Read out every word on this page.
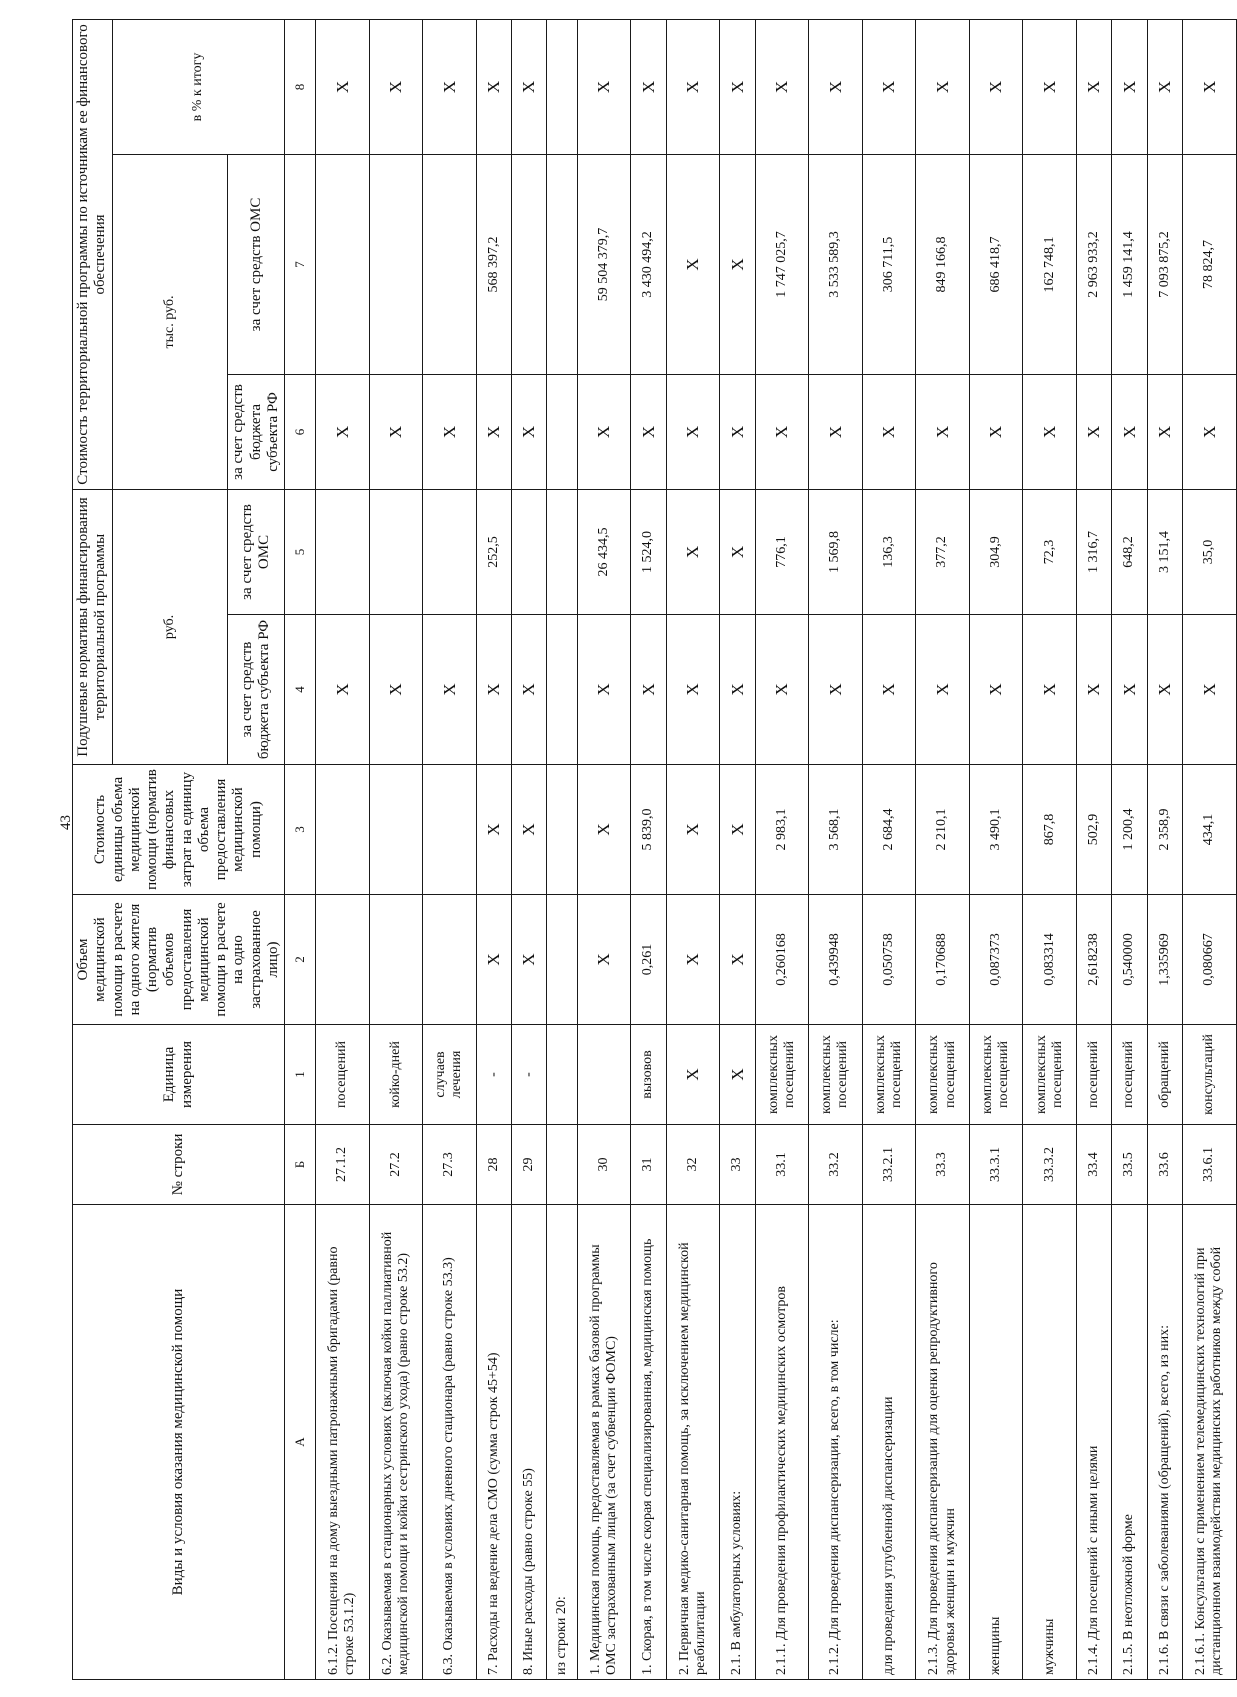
43
Виды и условия оказания медицинской помощи	№ строки	Единица измерения	Объем медицинской помощи в расчете на одного жителя (норматив объемов предоставления медицинской помощи в расчете на одно застрахованное лицо)	Стоимость единицы объема медицинской помощи (норматив финансовых затрат на единицу объема предоставления медицинской помощи)	Подушевые нормативы финансирования территориальной программы		Стоимость территориальной программы по источникам ее финансового обеспечения		
					руб.		тыс. руб.		в % к итогу
					за счет средств бюджета субъекта РФ	за счет средств ОМС	за счет средств бюджета субъекта РФ	за счет средств ОМС	
А	Б	1	2	3	4	5	6	7	8
6.1.2. Посещения на дому выездными патронажными бригадами (равно строке 53.1.2)	27.1.2	посещений			X		X		X
6.2. Оказываемая в стационарных условиях (включая койки паллиативной медицинской помощи и койки сестринского ухода) (равно строке 53.2)	27.2	койко-дней			X		X		X
6.3. Оказываемая в условиях дневного стационара (равно строке 53.3)	27.3	случаев лечения			X		X		X
7. Расходы на ведение дела СМО (сумма строк 45+54)	28	-	X	X	X	252,5	X	568 397,2	X
8. Иные расходы (равно строке 55)	29	-	X	X	X		X		X
из строки 20:									
1. Медицинская помощь, предоставляемая в рамках базовой программы ОМС застрахованным лицам (за счет субвенции ФОМС)	30		X	X	X	26 434,5	X	59 504 379,7	X
1. Скорая, в том числе скорая специализированная, медицинская помощь	31	вызовов	0,261	5 839,0	X	1 524,0	X	3 430 494,2	X
2. Первичная медико-санитарная помощь, за исключением медицинской реабилитации	32	X	X	X	X	X	X	X	X
2.1. В амбулаторных условиях:	33	X	X	X	X	X	X	X	X
2.1.1. Для проведения профилактических медицинских осмотров	33.1	комплексных посещений	0,260168	2 983,1	X	776,1	X	1 747 025,7	X
2.1.2. Для проведения диспансеризации, всего, в том числе:	33.2	комплексных посещений	0,439948	3 568,1	X	1 569,8	X	3 533 589,3	X
для проведения углубленной диспансеризации	33.2.1	комплексных посещений	0,050758	2 684,4	X	136,3	X	306 711,5	X
2.1.3. Для проведения диспансеризации для оценки репродуктивного здоровья женщин и мужчин	33.3	комплексных посещений	0,170688	2 210,1	X	377,2	X	849 166,8	X
женщины	33.3.1	комплексных посещений	0,087373	3 490,1	X	304,9	X	686 418,7	X
мужчины	33.3.2	комплексных посещений	0,083314	867,8	X	72,3	X	162 748,1	X
2.1.4. Для посещений с иными целями	33.4	посещений	2,618238	502,9	X	1 316,7	X	2 963 933,2	X
2.1.5. В неотложной форме	33.5	посещений	0,540000	1 200,4	X	648,2	X	1 459 141,4	X
2.1.6. В связи с заболеваниями (обращений), всего, из них:	33.6	обращений	1,335969	2 358,9	X	3 151,4	X	7 093 875,2	X
2.1.6.1. Консультация с применением телемедицинских технологий при дистанционном взаимодействии медицинских работников между собой	33.6.1	консультаций	0,080667	434,1	X	35,0	X	78 824,7	X
